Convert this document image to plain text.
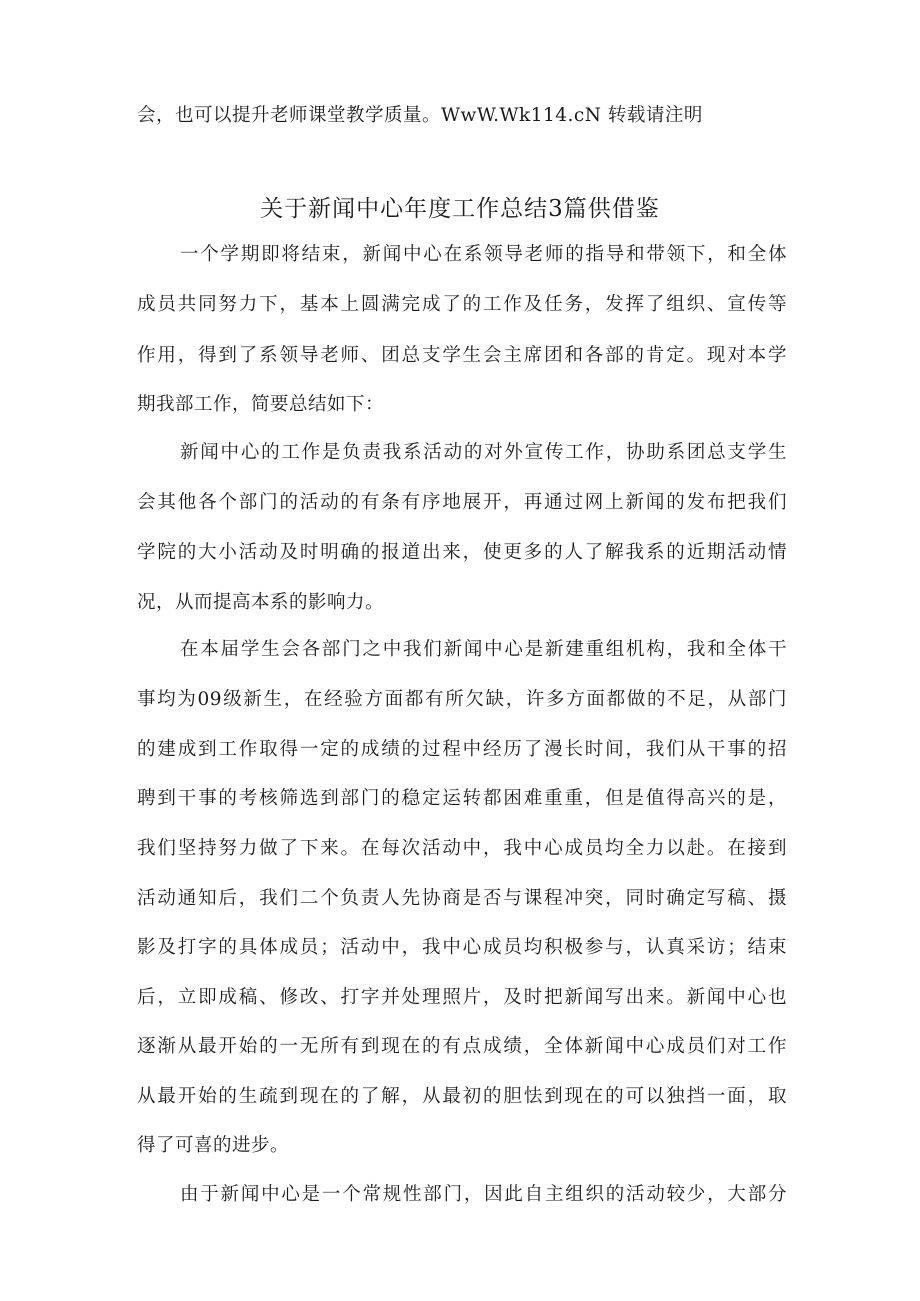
会，也可以提升老师课堂教学质量。WwW.Wk114.cN 转载请注明
关于新闻中心年度工作总结3篇供借鉴
一个学期即将结束，新闻中心在系领导老师的指导和带领下，和全体
成员共同努力下，基本上圆满完成了的工作及任务，发挥了组织、宣传等
作用，得到了系领导老师、团总支学生会主席团和各部的肯定。现对本学
期我部工作，简要总结如下：
新闻中心的工作是负责我系活动的对外宣传工作，协助系团总支学生
会其他各个部门的活动的有条有序地展开，再通过网上新闻的发布把我们
学院的大小活动及时明确的报道出来，使更多的人了解我系的近期活动情
况，从而提高本系的影响力。
在本届学生会各部门之中我们新闻中心是新建重组机构，我和全体干
事均为09级新生，在经验方面都有所欠缺，许多方面都做的不足，从部门
的建成到工作取得一定的成绩的过程中经历了漫长时间，我们从干事的招
聘到干事的考核筛选到部门的稳定运转都困难重重，但是值得高兴的是，
我们坚持努力做了下来。在每次活动中，我中心成员均全力以赴。在接到
活动通知后，我们二个负责人先协商是否与课程冲突，同时确定写稿、摄
影及打字的具体成员；活动中，我中心成员均积极参与，认真采访；结束
后，立即成稿、修改、打字并处理照片，及时把新闻写出来。新闻中心也
逐渐从最开始的一无所有到现在的有点成绩，全体新闻中心成员们对工作
从最开始的生疏到现在的了解，从最初的胆怯到现在的可以独挡一面，取
得了可喜的进步。
由于新闻中心是一个常规性部门，因此自主组织的活动较少，大部分
